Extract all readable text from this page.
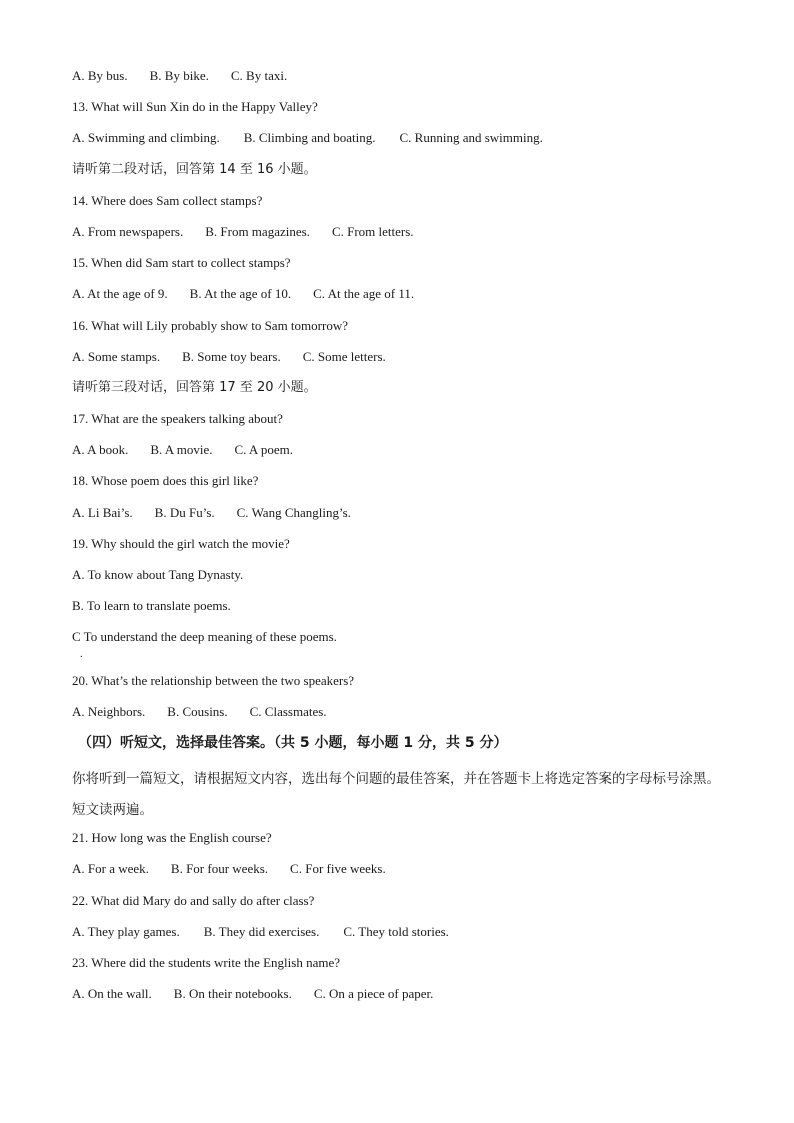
A. By bus. B. By bike. C. By taxi.
13. What will Sun Xin do in the Happy Valley?
A. Swimming and climbing. B. Climbing and boating. C. Running and swimming.
请听第二段对话，回答第 14 至 16 小题。
14. Where does Sam collect stamps?
A. From newspapers. B. From magazines. C. From letters.
15. When did Sam start to collect stamps?
A. At the age of 9. B. At the age of 10. C. At the age of 11.
16. What will Lily probably show to Sam tomorrow?
A. Some stamps. B. Some toy bears. C. Some letters.
请听第三段对话，回答第 17 至 20 小题。
17. What are the speakers talking about?
A. A book. B. A movie. C. A poem.
18. Whose poem does this girl like?
A. Li Bai’s. B. Du Fu’s. C. Wang Changling’s.
19. Why should the girl watch the movie?
A. To know about Tang Dynasty.
B. To learn to translate poems.
C To understand the deep meaning of these poems.
.
20. What’s the relationship between the two speakers?
A. Neighbors. B. Cousins. C. Classmates.
（四）听短文，选择最佳答案。（共 5 小题，每小题 1 分，共 5 分）
你将听到一篇短文，请根据短文内容，选出每个问题的最佳答案，并在答题卡上将选定答案的字母标号涂黑。短文读两遍。
21. How long was the English course?
A. For a week. B. For four weeks. C. For five weeks.
22. What did Mary do and sally do after class?
A. They play games. B. They did exercises. C. They told stories.
23. Where did the students write the English name?
A. On the wall. B. On their notebooks. C. On a piece of paper.
